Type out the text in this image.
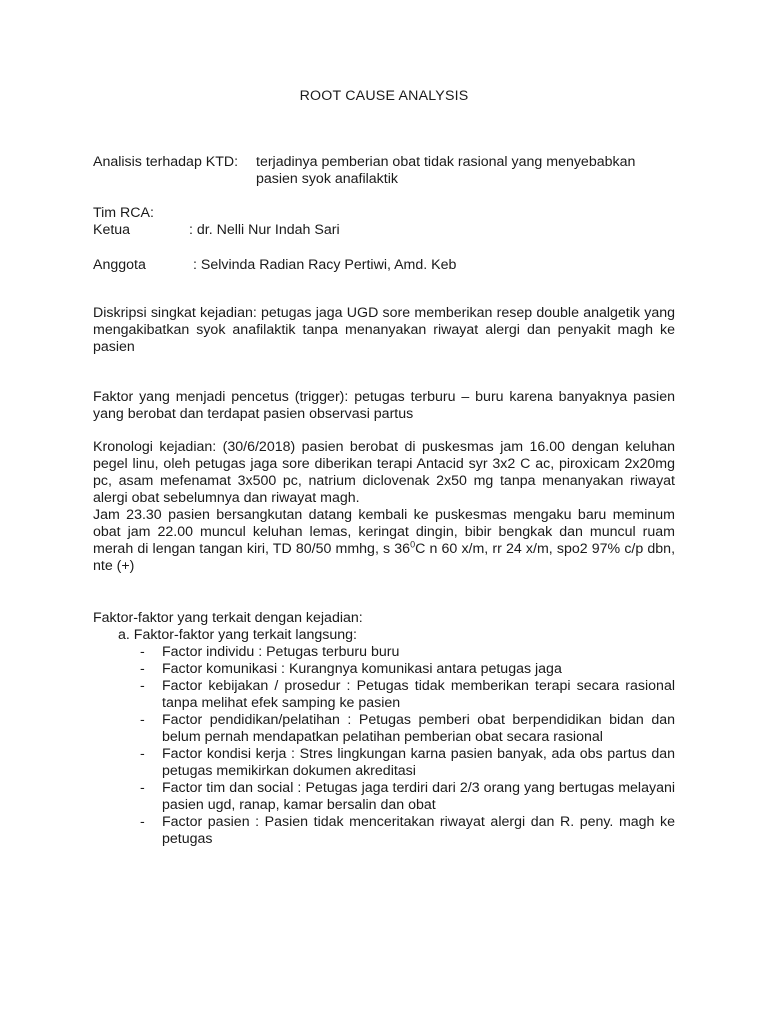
ROOT CAUSE ANALYSIS
Analisis terhadap KTD: terjadinya pemberian obat tidak rasional yang menyebabkan
pasien syok anafilaktik
Tim RCA:
Ketua	: dr. Nelli Nur Indah Sari
Anggota	: Selvinda Radian Racy Pertiwi, Amd. Keb
Diskripsi singkat kejadian: petugas jaga UGD sore memberikan resep double analgetik yang mengakibatkan syok anafilaktik tanpa menanyakan riwayat alergi dan penyakit magh ke pasien
Faktor yang menjadi pencetus (trigger): petugas terburu – buru karena banyaknya pasien yang berobat dan terdapat pasien observasi partus
Kronologi kejadian: (30/6/2018) pasien berobat di puskesmas jam 16.00 dengan keluhan pegel linu, oleh petugas jaga sore diberikan terapi Antacid syr 3x2 C ac, piroxicam 2x20mg pc, asam mefenamat 3x500 pc, natrium diclovenak 2x50 mg tanpa menanyakan riwayat alergi obat sebelumnya dan riwayat magh.
Jam 23.30 pasien bersangkutan datang kembali ke puskesmas mengaku baru meminum obat jam 22.00 muncul keluhan lemas, keringat dingin, bibir bengkak dan muncul ruam merah di lengan tangan kiri, TD 80/50 mmhg, s $36^0C$ n 60 x/m, rr 24 x/m, spo2 97% c/p dbn, nte (+)
Faktor-faktor yang terkait dengan kejadian:
a. Faktor-faktor yang terkait langsung:
- Factor individu : Petugas terburu buru
- Factor komunikasi : Kurangnya komunikasi antara petugas jaga
- Factor kebijakan / prosedur : Petugas tidak memberikan terapi secara rasional tanpa melihat efek samping ke pasien
- Factor pendidikan/pelatihan : Petugas pemberi obat berpendidikan bidan dan belum pernah mendapatkan pelatihan pemberian obat secara rasional
- Factor kondisi kerja : Stres lingkungan karna pasien banyak, ada obs partus dan petugas memikirkan dokumen akreditasi
- Factor tim dan social : Petugas jaga terdiri dari 2/3 orang yang bertugas melayani pasien ugd, ranap, kamar bersalin dan obat
- Factor pasien : Pasien tidak menceritakan riwayat alergi dan R. peny. magh ke petugas
